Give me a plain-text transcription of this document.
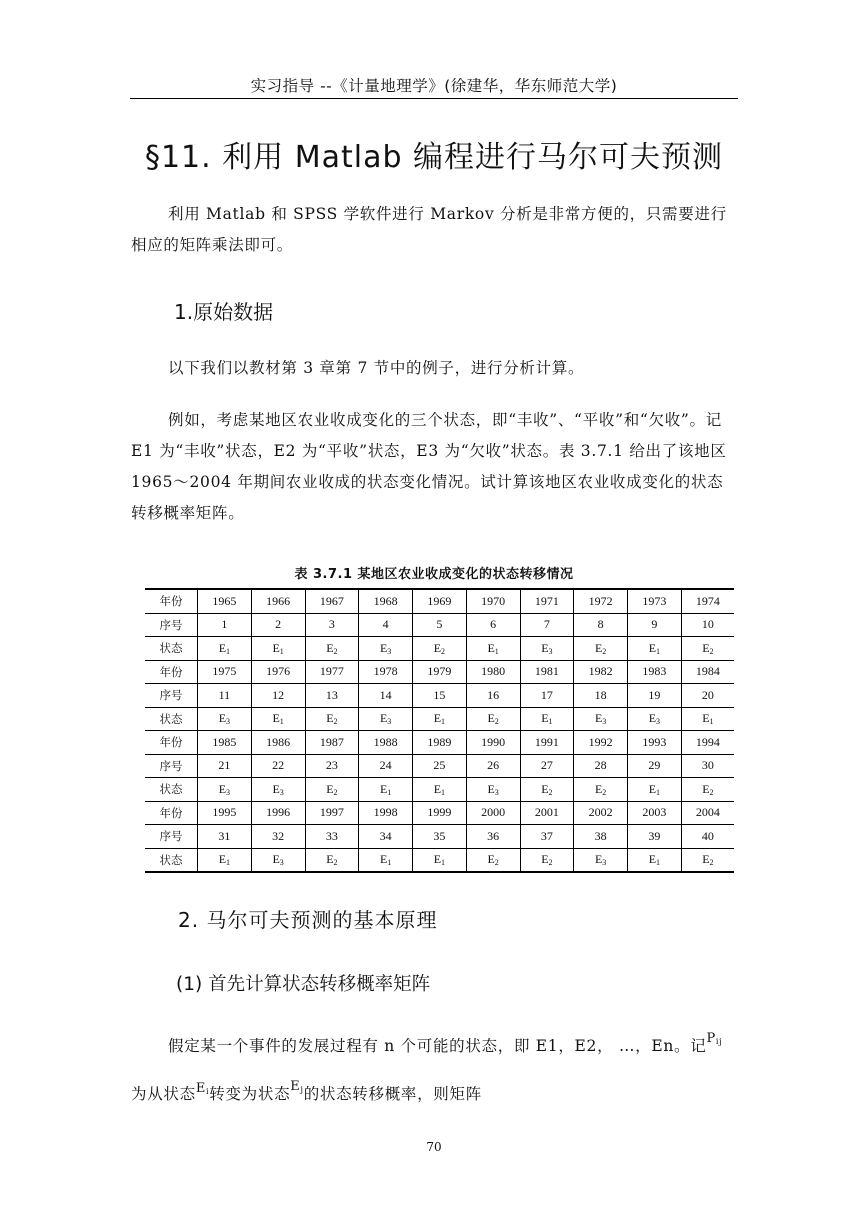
实习指导 --《计量地理学》(徐建华，华东师范大学)
§11. 利用 Matlab 编程进行马尔可夫预测
利用 Matlab 和 SPSS 学软件进行 Markov 分析是非常方便的，只需要进行相应的矩阵乘法即可。
1.原始数据
以下我们以教材第 3 章第 7 节中的例子，进行分析计算。
例如，考虑某地区农业收成变化的三个状态，即“丰收”、“平收”和“欠收”。记 E1 为“丰收”状态，E2 为“平收”状态，E3 为“欠收”状态。表 3.7.1 给出了该地区 1965～2004 年期间农业收成的状态变化情况。试计算该地区农业收成变化的状态转移概率矩阵。
表 3.7.1 某地区农业收成变化的状态转移情况
年份	1965	1966	1967	1968	1969	1970	1971	1972	1973	1974
序号	1	2	3	4	5	6	7	8	9	10
状态	$E_1$	$E_1$	$E_2$	$E_3$	$E_2$	$E_1$	$E_3$	$E_2$	$E_1$	$E_2$
年份	1975	1976	1977	1978	1979	1980	1981	1982	1983	1984
序号	11	12	13	14	15	16	17	18	19	20
状态	$E_3$	$E_1$	$E_2$	$E_3$	$E_1$	$E_2$	$E_1$	$E_3$	$E_3$	$E_1$
年份	1985	1986	1987	1988	1989	1990	1991	1992	1993	1994
序号	21	22	23	24	25	26	27	28	29	30
状态	$E_3$	$E_3$	$E_2$	$E_1$	$E_1$	$E_3$	$E_2$	$E_2$	$E_1$	$E_2$
年份	1995	1996	1997	1998	1999	2000	2001	2002	2003	2004
序号	31	32	33	34	35	36	37	38	39	40
状态	$E_1$	$E_3$	$E_2$	$E_1$	$E_1$	$E_2$	$E_2$	$E_3$	$E_1$	$E_2$
2. 马尔可夫预测的基本原理
(1) 首先计算状态转移概率矩阵
假定某一个事件的发展过程有 n 个可能的状态，即 E1，E2， …，En。记$^P_{ij}$
为从状态$^E_i$转变为状态$^E_j$的状态转移概率，则矩阵
70
